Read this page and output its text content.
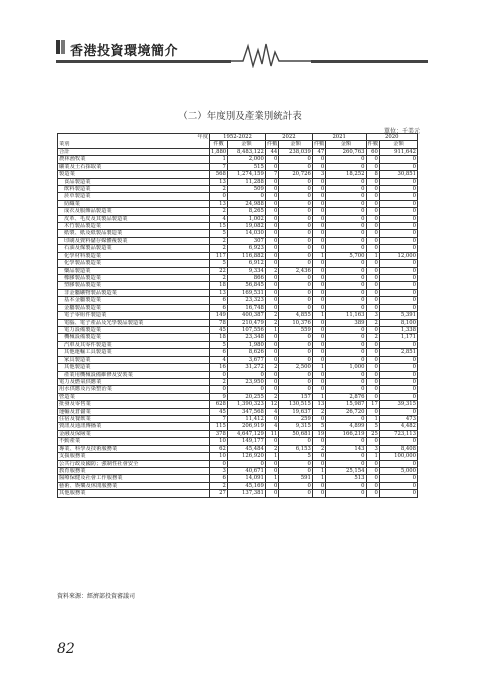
香港投資環境簡介
（二）年度別及產業別統計表
單位：千美元
年度	1952-2022		2022		2021		2020	
業別	件數	金額	件數	金額	件數	金額	件數	金額
合計	1,880	8,483,122	44	238,039	47	260,763	60	911,642
農林漁牧業	1	2,000	0	0	0	0	0	0
礦業及土石採取業	7	515	0	0	0	0	0	0
製造業	568	1,274,159	7	20,726	3	18,252	8	30,851
食品製造業	13	11,288	0	0	0	0	0	0
飲料製造業	2	509	0	0	0	0	0	0
菸草製造業	0	0	0	0	0	0	0	0
紡織業	13	24,988	0	0	0	0	0	0
成衣及服飾品製造業	2	8,265	0	0	0	0	0	0
皮革、毛皮及其製品製造業	4	1,002	0	0	0	0	0	0
木竹製品製造業	15	19,082	0	0	0	0	0	0
紙漿、紙及紙製品製造業	5	14,030	0	0	0	0	0	0
印刷及資料儲存媒體複製業	2	307	0	0	0	0	0	0
石油及煤製品製造業	2	6,923	0	0	0	0	0	0
化學材料製造業	117	116,882	0	0	1	5,700	1	12,000
化學製品製造業	5	6,912	0	0	0	0	0	0
藥品製造業	22	9,334	2	2,436	0	0	0	0
橡膠製品製造業	2	866	0	0	0	0	0	0
塑膠製品製造業	18	56,845	0	0	0	0	0	0
非金屬礦物製品製造業	13	169,531	0	0	0	0	0	0
基本金屬製造業	6	23,323	0	0	0	0	0	0
金屬製品製造業	6	16,748	0	0	0	0	0	0
電子零組件製造業	149	400,387	2	4,855	1	11,163	3	5,391
電腦、電子產品及光學製品製造業	78	210,479	2	10,376	0	389	2	8,100
電力設備製造業	45	107,556	1	559	0	0	0	1,338
機械設備製造業	18	23,348	0	0	0	0	2	1,171
汽車及其零件製造業	5	1,980	0	0	0	0	0	0
其他運輸工具製造業	6	8,626	0	0	0	0	0	2,851
家具製造業	4	3,677	0	0	0	0	0	0
其他製造業	16	31,272	2	2,500	1	1,000	0	0
產業用機械設備維修及安裝業	0	0	0	0	0	0	0	0
電力及燃氣供應業	2	23,950	0	0	0	0	0	0
用水供應及污染整治業	0	0	0	0	0	0	0	0
營造業	9	20,255	2	157	1	2,876	0	0
批發及零售業	628	1,390,323	12	130,515	13	15,987	17	39,315
運輸及倉儲業	45	347,568	4	19,637	2	26,720	0	0
住宿及餐飲業	7	11,412	0	259	0	0	1	473
資訊及通訊傳播業	115	206,919	4	9,315	5	4,899	5	4,482
金融及保險業	378	4,647,129	11	50,681	19	166,219	25	723,113
不動產業	10	149,177	0	0	0	0	0	0
專業、科學及技術服務業	62	45,484	2	6,153	2	143	3	8,408
支援服務業	10	126,920	1	5	0	0	1	100,000
公共行政及國防；強制性社會安全	0	0	0	0	0	0	0	0
教育服務業	3	40,671	0	0	1	25,154	0	5,000
醫療保健及社會工作服務業	6	14,091	1	591	1	513	0	0
藝術、娛樂及休閒服務業	2	45,169	0	0	0	0	0	0
其他服務業	27	137,381	0	0	0	0	0	0
資料來源：經濟部投資審議司
82
